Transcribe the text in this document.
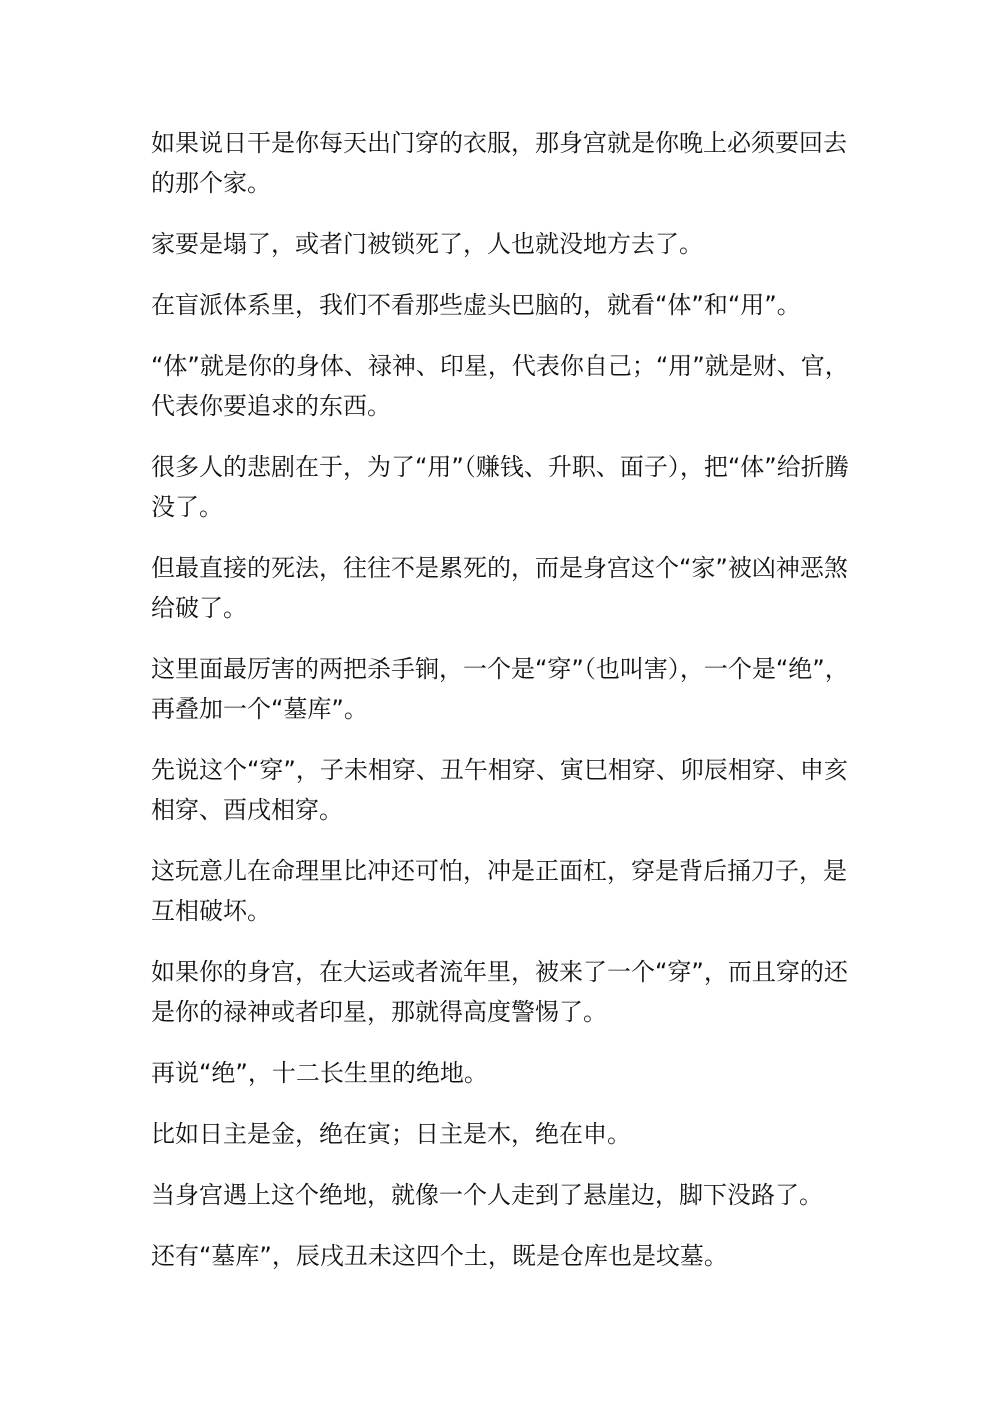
如果说日干是你每天出门穿的衣服，那身宫就是你晚上必须要回去的那个家。

家要是塌了，或者门被锁死了，人也就没地方去了。

在盲派体系里，我们不看那些虚头巴脑的，就看“体”和“用”。

“体”就是你的身体、禄神、印星，代表你自己；“用”就是财、官，代表你要追求的东西。

很多人的悲剧在于，为了“用”（赚钱、升职、面子），把“体”给折腾没了。

但最直接的死法，往往不是累死的，而是身宫这个“家”被凶神恶煞给破了。

这里面最厉害的两把杀手锏，一个是“穿”（也叫害），一个是“绝”，再叠加一个“墓库”。

先说这个“穿”，子未相穿、丑午相穿、寅巳相穿、卯辰相穿、申亥相穿、酉戌相穿。

这玩意儿在命理里比冲还可怕，冲是正面杠，穿是背后捅刀子，是互相破坏。

如果你的身宫，在大运或者流年里，被来了一个“穿”，而且穿的还是你的禄神或者印星，那就得高度警惕了。

再说“绝”，十二长生里的绝地。

比如日主是金，绝在寅；日主是木，绝在申。

当身宫遇上这个绝地，就像一个人走到了悬崖边，脚下没路了。

还有“墓库”，辰戌丑未这四个土，既是仓库也是坟墓。
